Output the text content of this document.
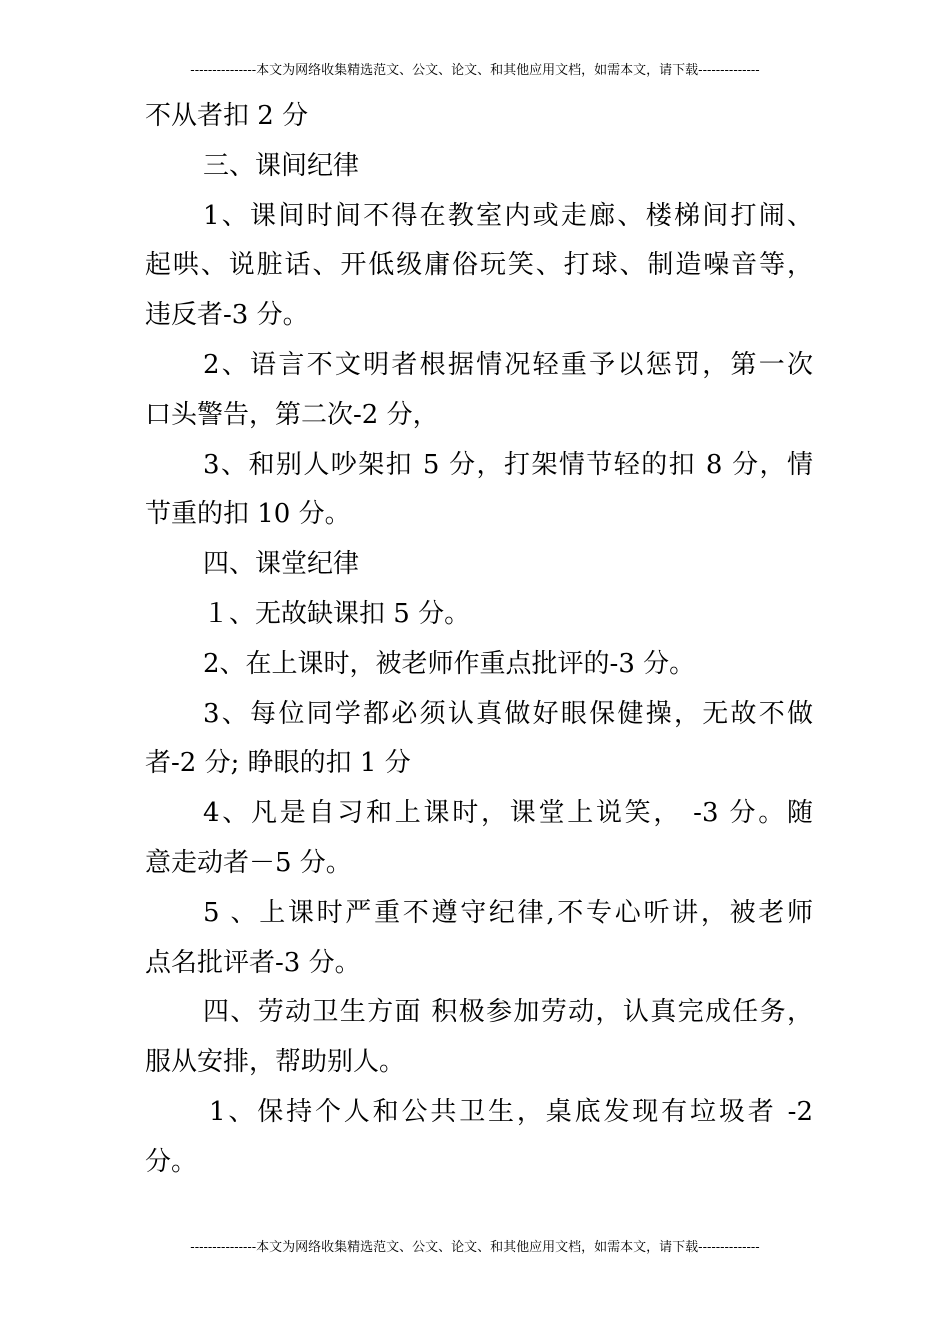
---------------本文为网络收集精选范文、公文、论文、和其他应用文档，如需本文，请下载--------------
不从者扣 2 分
三、课间纪律
1、课间时间不得在教室内或走廊、楼梯间打闹、
起哄、说脏话、开低级庸俗玩笑、打球、制造噪音等，
违反者-3 分。
2、语言不文明者根据情况轻重予以惩罚，第一次
口头警告，第二次-2 分，
3、和别人吵架扣 5 分，打架情节轻的扣 8 分，情
节重的扣 10 分。
四、课堂纪律
１、无故缺课扣 5 分。
2、在上课时，被老师作重点批评的-3 分。
3、每位同学都必须认真做好眼保健操，无故不做
者-2 分; 睁眼的扣 1 分
4、凡是自习和上课时，课堂上说笑， -3 分。随
意走动者－5 分。
5 、上课时严重不遵守纪律,不专心听讲，被老师
点名批评者-3 分。
四、劳动卫生方面 积极参加劳动，认真完成任务，
服从安排，帮助别人。
1、保持个人和公共卫生，桌底发现有垃圾者 -2
分。
---------------本文为网络收集精选范文、公文、论文、和其他应用文档，如需本文，请下载--------------
